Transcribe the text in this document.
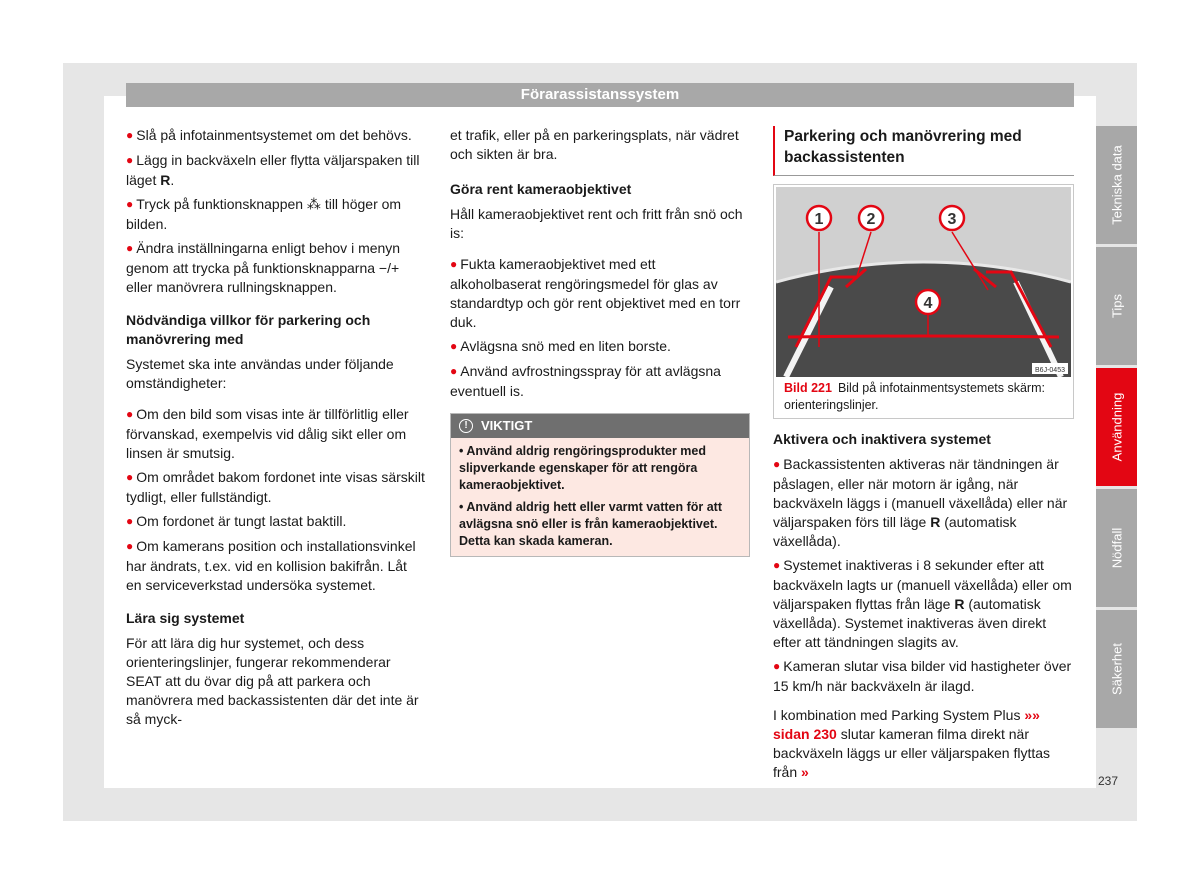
Förarassistanssystem

● Slå på infotainmentsystemet om det behövs.

● Lägg in backväxeln eller flytta väljarspaken till läget R.

● Tryck på funktionsknappen ⁂ till höger om bilden.

● Ändra inställningarna enligt behov i menyn genom att trycka på funktionsknapparna −/+ eller manövrera rullningsknappen.

Nödvändiga villkor för parkering och manövrering med

Systemet ska inte användas under följande omständigheter:

● Om den bild som visas inte är tillförlitlig eller förvanskad, exempelvis vid dålig sikt eller om linsen är smutsig.

● Om området bakom fordonet inte visas särskilt tydligt, eller fullständigt.

● Om fordonet är tungt lastat baktill.

● Om kamerans position och installationsvinkel har ändrats, t.ex. vid en kollision bakifrån. Låt en serviceverkstad undersöka systemet.

Lära sig systemet

För att lära dig hur systemet, och dess orienteringslinjer, fungerar rekommenderar SEAT att du övar dig på att parkera och manövrera med backassistenten där det inte är så myck-

et trafik, eller på en parkeringsplats, när vädret och sikten är bra.

Göra rent kameraobjektivet

Håll kameraobjektivet rent och fritt från snö och is:

● Fukta kameraobjektivet med ett alkoholbaserat rengöringsmedel för glas av standardtyp och gör rent objektivet med en torr duk.

● Avlägsna snö med en liten borste.

● Använd avfrostningsspray för att avlägsna eventuell is.

! VIKTIGT

• Använd aldrig rengöringsprodukter med slipverkande egenskaper för att rengöra kameraobjektivet.

• Använd aldrig hett eller varmt vatten för att avlägsna snö eller is från kameraobjektivet. Detta kan skada kameran.

Parkering och manövrering med backassistenten
1	2	3
4
B6J-0453
Bild 221 Bild på infotainmentsystemets skärm: orienteringslinjer.
Aktivera och inaktivera systemet

● Backassistenten aktiveras när tändningen är påslagen, eller när motorn är igång, när backväxeln läggs i (manuell växellåda) eller när väljarspaken förs till läge R (automatisk växellåda).

● Systemet inaktiveras i 8 sekunder efter att backväxeln lagts ur (manuell växellåda) eller om väljarspaken flyttas från läge R (automatisk växellåda). Systemet inaktiveras även direkt efter att tändningen slagits av.

● Kameran slutar visa bilder vid hastigheter över 15 km/h när backväxeln är ilagd.

I kombination med Parking System Plus »» sidan 230 slutar kameran filma direkt när backväxeln läggs ur eller väljarspaken flyttas från »

Tekniska data
Tips
Användning
Nödfall
Säkerhet
237
